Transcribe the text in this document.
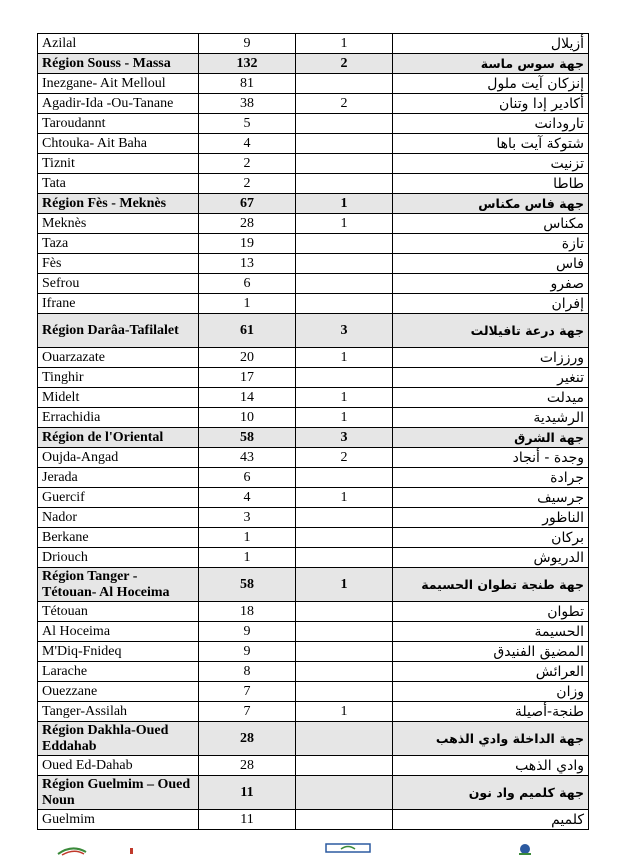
Azilal	9	1	أزيلال
Région Souss - Massa	132	2	جهة سوس ماسة
Inezgane- Ait Melloul	81		إنزكان آيت ملول
Agadir-Ida -Ou-Tanane	38	2	أكادير إدا وتنان
Taroudannt	5		تارودانت
Chtouka- Ait Baha	4		شتوكة آيت باها
Tiznit	2		تزنيت
Tata	2		طاطا
Région Fès - Meknès	67	1	جهة فاس مكناس
Meknès	28	1	مكناس
Taza	19		تازة
Fès	13		فاس
Sefrou	6		صفرو
Ifrane	1		إفران
Région Darâa-Tafilalet	61	3	جهة درعة تافيلالت
Ouarzazate	20	1	ورززات
Tinghir	17		تنغير
Midelt	14	1	ميدلت
Errachidia	10	1	الرشيدية
Région de l'Oriental	58	3	جهة الشرق
Oujda-Angad	43	2	وجدة - أنجاد
Jerada	6		جرادة
Guercif	4	1	جرسيف
Nador	3		الناظور
Berkane	1		بركان
Driouch	1		الدريوش
Région Tanger - Tétouan- Al Hoceima	58	1	جهة طنجة تطوان الحسيمة
Tétouan	18		تطوان
Al Hoceima	9		الحسيمة
M'Diq-Fnideq	9		المضيق الفنيدق
Larache	8		العرائش
Ouezzane	7		وزان
Tanger-Assilah	7	1	طنجة-أصيلة
Région Dakhla-Oued Eddahab	28		جهة الداخلة وادي الذهب
Oued Ed-Dahab	28		وادي الذهب
Région Guelmim – Oued Noun	11		جهة كلميم واد نون
Guelmim	11		كلميم
